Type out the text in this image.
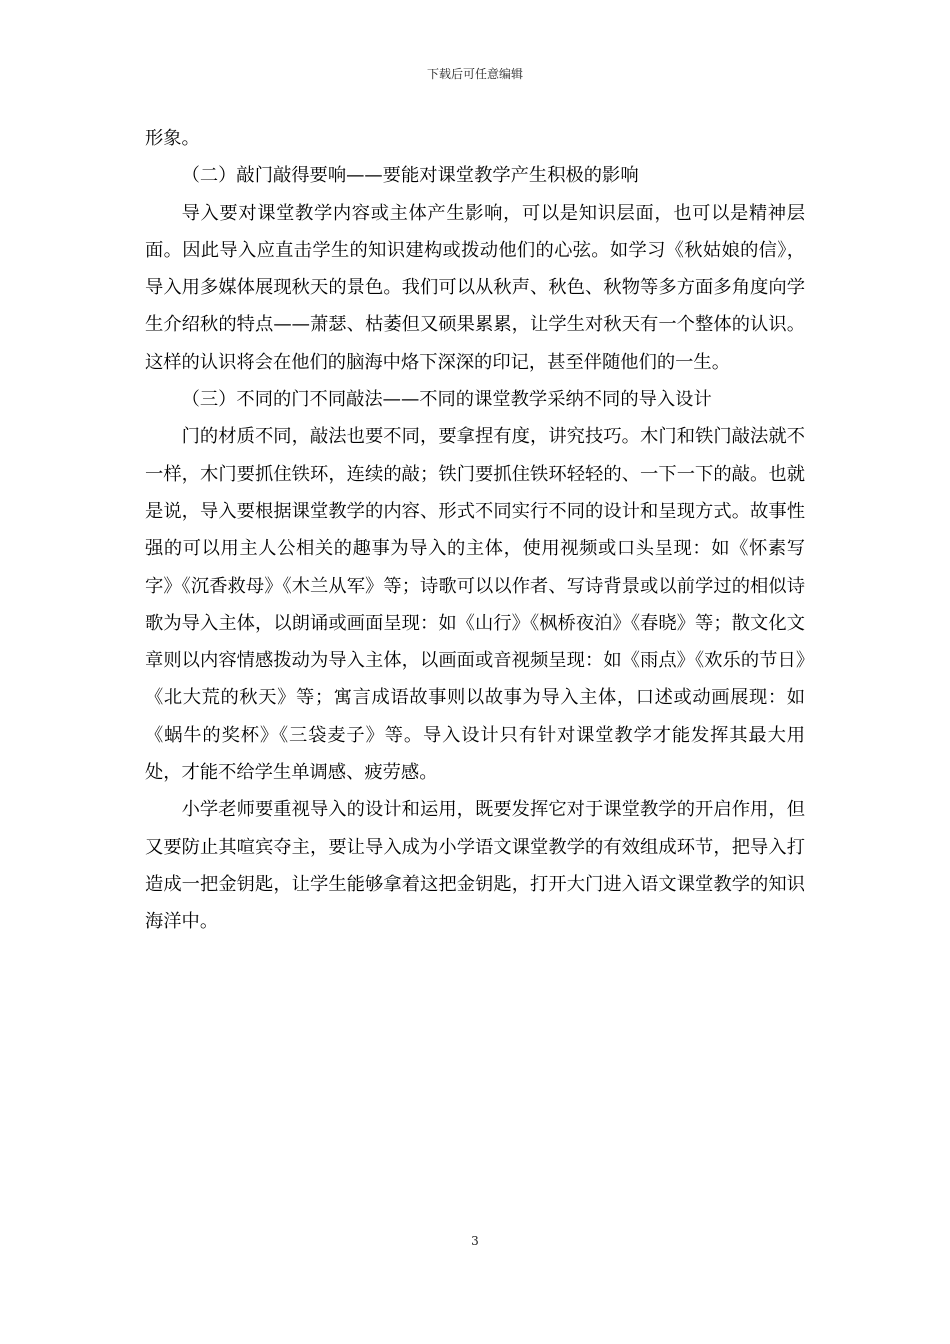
下载后可任意编辑

形象。

（二）敲门敲得要响——要能对课堂教学产生积极的影响

导入要对课堂教学内容或主体产生影响，可以是知识层面，也可以是精神层面。因此导入应直击学生的知识建构或拨动他们的心弦。如学习《秋姑娘的信》，导入用多媒体展现秋天的景色。我们可以从秋声、秋色、秋物等多方面多角度向学生介绍秋的特点——萧瑟、枯萎但又硕果累累，让学生对秋天有一个整体的认识。这样的认识将会在他们的脑海中烙下深深的印记，甚至伴随他们的一生。

（三）不同的门不同敲法——不同的课堂教学采纳不同的导入设计

门的材质不同，敲法也要不同，要拿捏有度，讲究技巧。木门和铁门敲法就不一样，木门要抓住铁环，连续的敲；铁门要抓住铁环轻轻的、一下一下的敲。也就是说，导入要根据课堂教学的内容、形式不同实行不同的设计和呈现方式。故事性强的可以用主人公相关的趣事为导入的主体，使用视频或口头呈现：如《怀素写字》《沉香救母》《木兰从军》等；诗歌可以以作者、写诗背景或以前学过的相似诗歌为导入主体，以朗诵或画面呈现：如《山行》《枫桥夜泊》《春晓》等；散文化文章则以内容情感拨动为导入主体，以画面或音视频呈现：如《雨点》《欢乐的节日》《北大荒的秋天》等；寓言成语故事则以故事为导入主体，口述或动画展现：如《蜗牛的奖杯》《三袋麦子》等。导入设计只有针对课堂教学才能发挥其最大用处，才能不给学生单调感、疲劳感。

小学老师要重视导入的设计和运用，既要发挥它对于课堂教学的开启作用，但又要防止其喧宾夺主，要让导入成为小学语文课堂教学的有效组成环节，把导入打造成一把金钥匙，让学生能够拿着这把金钥匙，打开大门进入语文课堂教学的知识海洋中。

3
